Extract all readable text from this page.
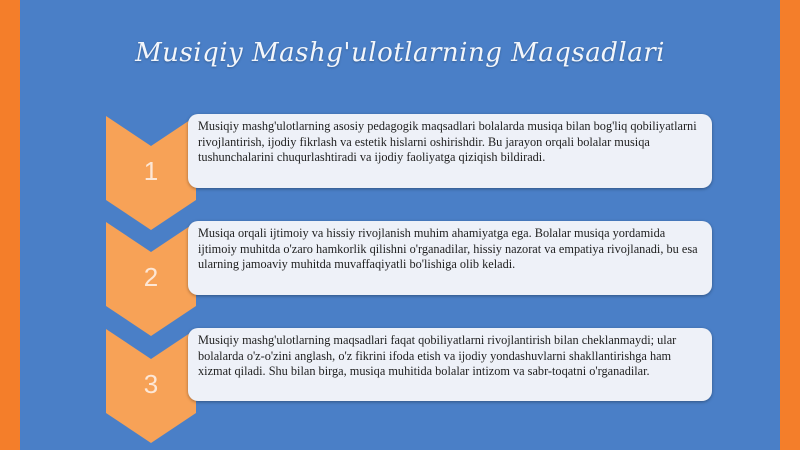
Musiqiy Mashg'ulotlarning Maqsadlari
1
Musiqiy mashg'ulotlarning asosiy pedagogik maqsadlari bolalarda musiqa bilan bog'liq qobiliyatlarni rivojlantirish, ijodiy fikrlash va estetik hislarni oshirishdir. Bu jarayon orqali bolalar musiqa tushunchalarini chuqurlashtiradi va ijodiy faoliyatga qiziqish bildiradi.
2
Musiqa orqali ijtimoiy va hissiy rivojlanish muhim ahamiyatga ega. Bolalar musiqa yordamida ijtimoiy muhitda o'zaro hamkorlik qilishni o'rganadilar, hissiy nazorat va empatiya rivojlanadi, bu esa ularning jamoaviy muhitda muvaffaqiyatli bo'lishiga olib keladi.
3
Musiqiy mashg'ulotlarning maqsadlari faqat qobiliyatlarni rivojlantirish bilan cheklanmaydi; ular bolalarda o'z-o'zini anglash, o'z fikrini ifoda etish va ijodiy yondashuvlarni shakllantirishga ham xizmat qiladi. Shu bilan birga, musiqa muhitida bolalar intizom va sabr-toqatni o'rganadilar.
